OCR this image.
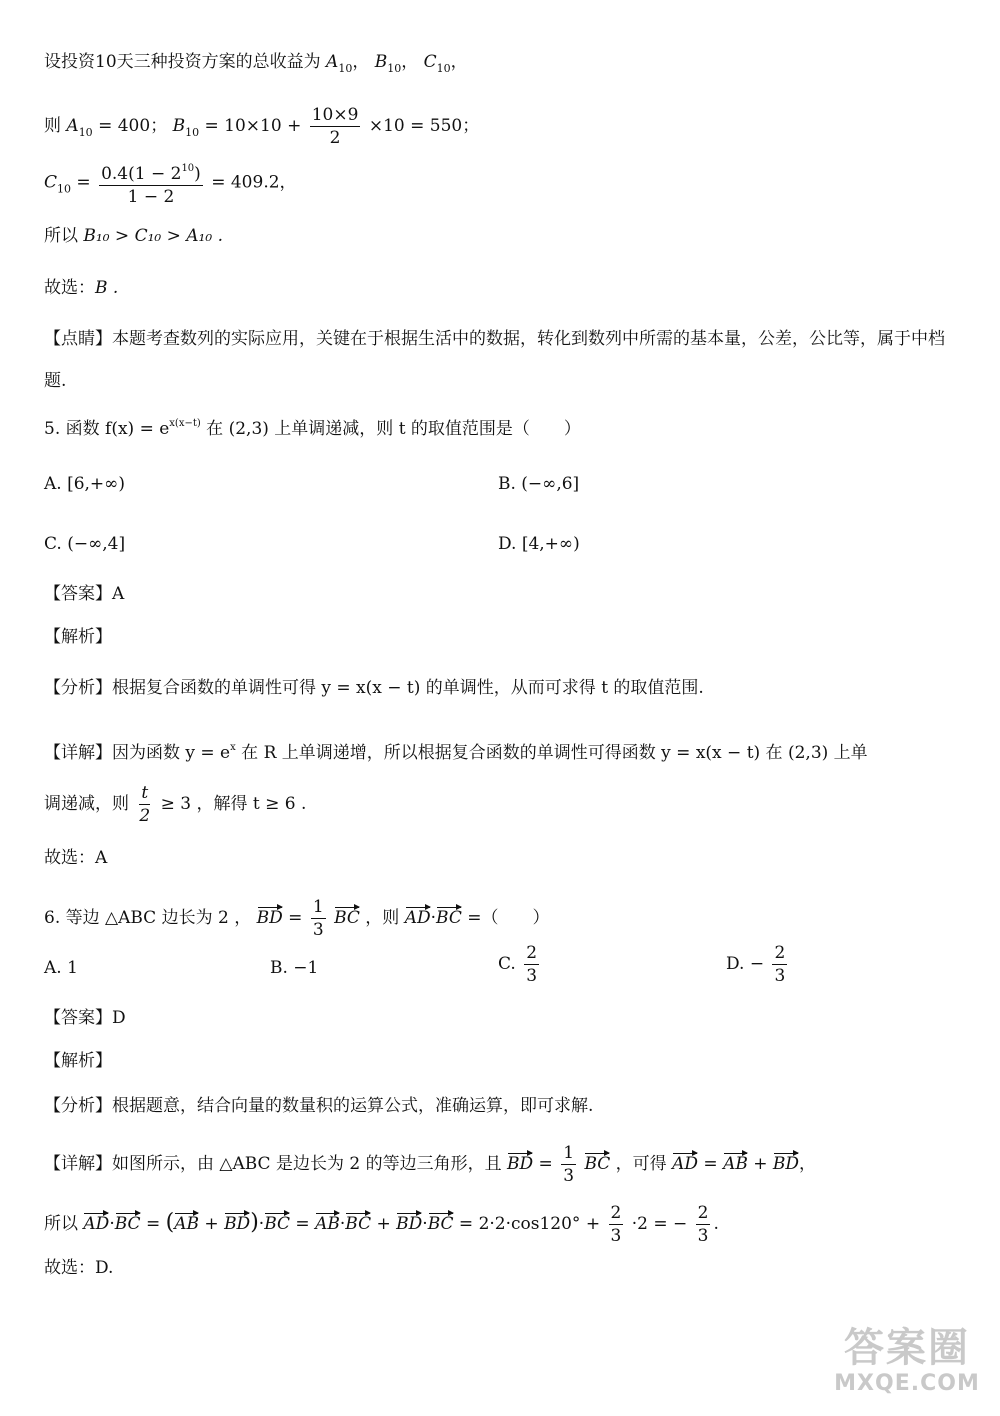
设投资10天三种投资方案的总收益为 $A_{10}$， $B_{10}$， $C_{10}$，
则 $A_{10} = 400$； $B_{10} = 10\times 10 + \frac{10\times 9}{2} \times 10 = 550$；
$C_{10} = \frac{0.4(1 - 2^{10})}{1 - 2} = 409.2$，
所以 B₁₀ > C₁₀ > A₁₀ .
故选：B .
【点睛】本题考查数列的实际应用，关键在于根据生活中的数据，转化到数列中所需的基本量，公差，公比等，属于中档题.
5. 函数 $f(x) = e^{x(x-t)}$ 在 (2,3) 上单调递减，则 t 的取值范围是（　　）
A. [6,+∞)	B. (−∞,6]
C. (−∞,4]	D. [4,+∞)
【答案】A
【解析】
【分析】根据复合函数的单调性可得 y = x(x − t) 的单调性，从而可求得 t 的取值范围.
【详解】因为函数 $y = e^x$ 在 R 上单调递增，所以根据复合函数的单调性可得函数 y = x(x − t) 在 (2,3) 上单
调递减，则 $\frac{t}{2} \ge 3$ ，解得 t ≥ 6 .
故选：A
6. 等边 △ABC 边长为 2 ， BD = $\frac{1}{3}$ BC ，则 AD·BC =（　　）
A. 1	B. −1	C. $\frac{2}{3}$	D. − $\frac{2}{3}$
【答案】D
【解析】
【分析】根据题意，结合向量的数量积的运算公式，准确运算，即可求解.
【详解】如图所示，由 △ABC 是边长为 2 的等边三角形，且 BD = $\frac{1}{3}$ BC ，可得 AD = AB + BD，
所以 $AD\cdot BC = (AB + BD)\cdot BC = AB\cdot BC + BD\cdot BC = 2\cdot 2\cdot\cos 120^\circ + \frac{2}{3} \cdot 2$ = − $\frac{2}{3}$ .
故选：D.
答案圈
MXQE.COM
